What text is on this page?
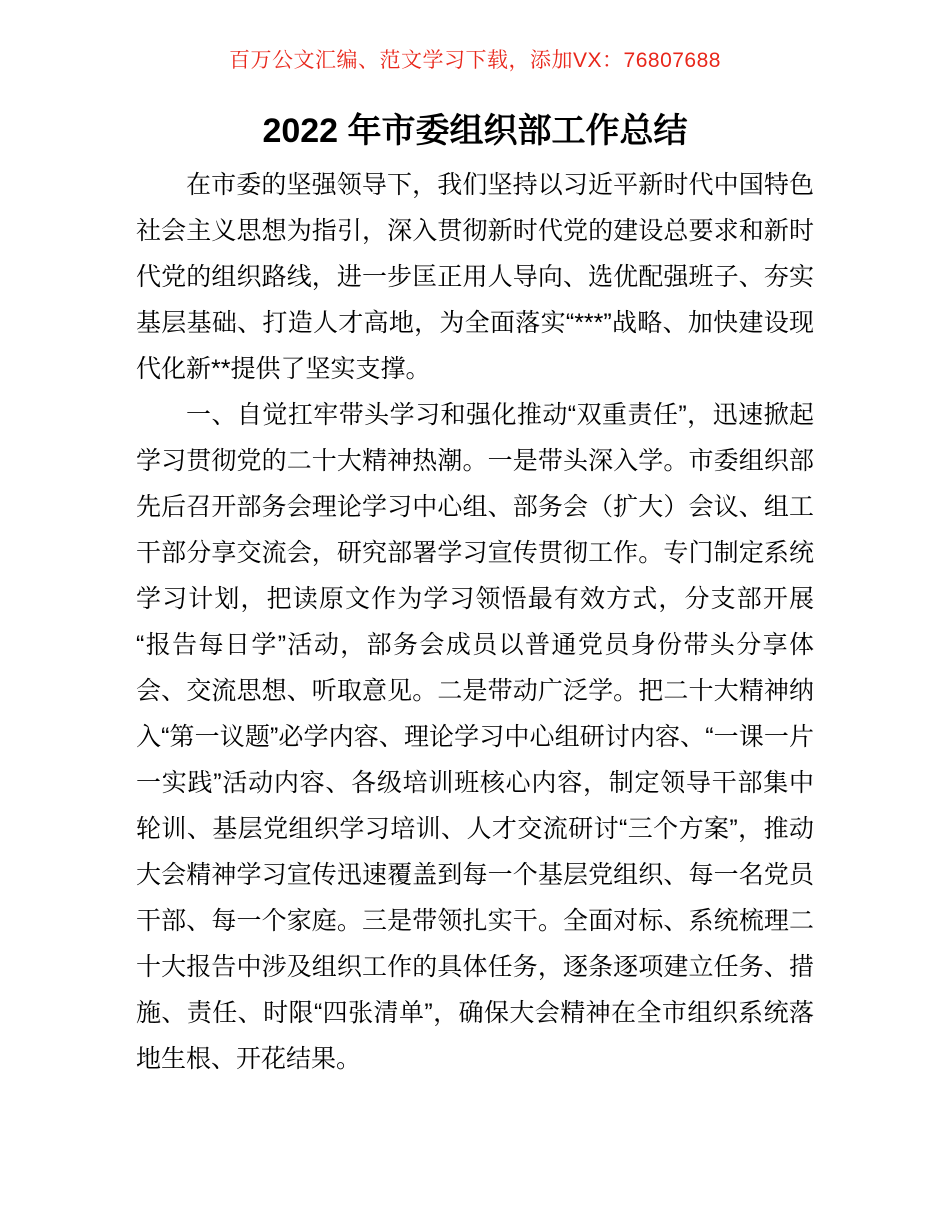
百万公文汇编、范文学习下载，添加VX：76807688
2022 年市委组织部工作总结

在市委的坚强领导下，我们坚持以习近平新时代中国特色社会主义思想为指引，深入贯彻新时代党的建设总要求和新时代党的组织路线，进一步匡正用人导向、选优配强班子、夯实基层基础、打造人才高地，为全面落实“***”战略、加快建设现代化新**提供了坚实支撑。

一、自觉扛牢带头学习和强化推动“双重责任”，迅速掀起学习贯彻党的二十大精神热潮。一是带头深入学。市委组织部先后召开部务会理论学习中心组、部务会（扩大）会议、组工干部分享交流会，研究部署学习宣传贯彻工作。专门制定系统学习计划，把读原文作为学习领悟最有效方式，分支部开展“报告每日学”活动，部务会成员以普通党员身份带头分享体会、交流思想、听取意见。二是带动广泛学。把二十大精神纳入“第一议题”必学内容、理论学习中心组研讨内容、“一课一片一实践”活动内容、各级培训班核心内容，制定领导干部集中轮训、基层党组织学习培训、人才交流研讨“三个方案”，推动大会精神学习宣传迅速覆盖到每一个基层党组织、每一名党员干部、每一个家庭。三是带领扎实干。全面对标、系统梳理二十大报告中涉及组织工作的具体任务，逐条逐项建立任务、措施、责任、时限“四张清单”，确保大会精神在全市组织系统落地生根、开花结果。
